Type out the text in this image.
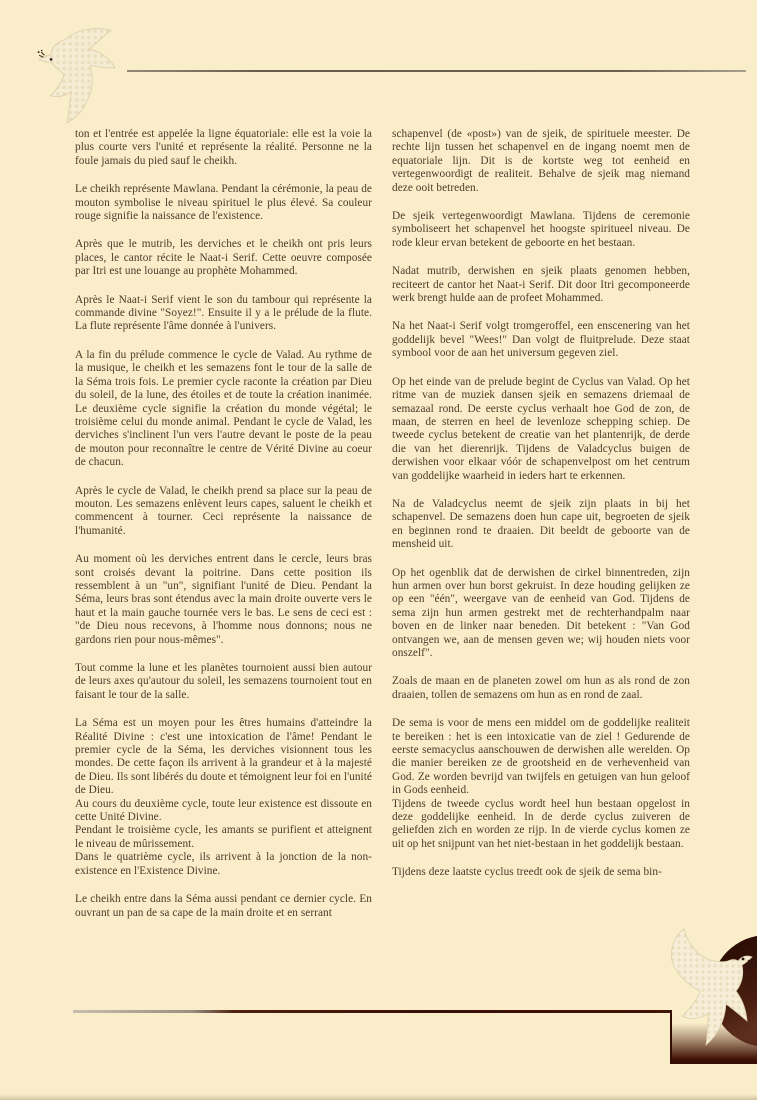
ton et l'entrée est appelée la ligne équatoriale: elle est la voie la plus courte vers l'unité et représente la réalité. Personne ne la foule jamais du pied sauf le cheikh.
Le cheikh représente Mawlana. Pendant la cérémonie, la peau de mouton symbolise le niveau spirituel le plus élevé. Sa couleur rouge signifie la naissance de l'existence.
Après que le mutrib, les derviches et le cheikh ont pris leurs places, le cantor récite le Naat-i Serif. Cette oeuvre composée par Itri est une louange au prophète Mohammed.
Après le Naat-i Serif vient le son du tambour qui représente la commande divine "Soyez!". Ensuite il y a le prélude de la flute. La flute représente l'âme donnée à l'univers.
A la fin du prélude commence le cycle de Valad. Au rythme de la musique, le cheikh et les semazens font le tour de la salle de la Séma trois fois. Le premier cycle raconte la création par Dieu du soleil, de la lune, des étoiles et de toute la création inanimée. Le deuxième cycle signifie la création du monde végétal; le troisième celui du monde animal. Pendant le cycle de Valad, les derviches s'inclinent l'un vers l'autre devant le poste de la peau de mouton pour reconnaître le centre de Vérité Divine au coeur de chacun.
Après le cycle de Valad, le cheikh prend sa place sur la peau de mouton. Les semazens enlèvent leurs capes, saluent le cheikh et commencent à tourner. Ceci représente la naissance de l'humanité.
Au moment où les derviches entrent dans le cercle, leurs bras sont croisés devant la poitrine. Dans cette position ils ressemblent à un "un", signifiant l'unité de Dieu. Pendant la Séma, leurs bras sont étendus avec la main droite ouverte vers le haut et la main gauche tournée vers le bas. Le sens de ceci est : "de Dieu nous recevons, à l'homme nous donnons; nous ne gardons rien pour nous-mêmes".
Tout comme la lune et les planètes tournoient aussi bien autour de leurs axes qu'autour du soleil, les semazens tournoient tout en faisant le tour de la salle.
La Séma est un moyen pour les êtres humains d'atteindre la Réalité Divine : c'est une intoxication de l'âme! Pendant le premier cycle de la Séma, les derviches visionnent tous les mondes. De cette façon ils arrivent à la grandeur et à la majesté de Dieu. Ils sont libérés du doute et témoignent leur foi en l'unité de Dieu.
Au cours du deuxième cycle, toute leur existence est dissoute en cette Unité Divine.
Pendant le troisième cycle, les amants se purifient et atteignent le niveau de mûrissement.
Dans le quatrième cycle, ils arrivent à la jonction de la non-existence en l'Existence Divine.
Le cheikh entre dans la Séma aussi pendant ce dernier cycle. En ouvrant un pan de sa cape de la main droite et en serrant
schapenvel (de «post») van de sjeik, de spirituele meester. De rechte lijn tussen het schapenvel en de ingang noemt men de equatoriale lijn. Dit is de kortste weg tot eenheid en vertegenwoordigt de realiteit. Behalve de sjeik mag niemand deze ooit betreden.
De sjeik vertegenwoordigt Mawlana. Tijdens de ceremonie symboliseert het schapenvel het hoogste spiritueel niveau. De rode kleur ervan betekent de geboorte en het bestaan.
Nadat mutrib, derwishen en sjeik plaats genomen hebben, reciteert de cantor het Naat-i Serif. Dit door Itri gecomponeerde werk brengt hulde aan de profeet Mohammed.
Na het Naat-i Serif volgt tromgeroffel, een enscenering van het goddelijk bevel "Wees!" Dan volgt de fluitprelude. Deze staat symbool voor de aan het universum gegeven ziel.
Op het einde van de prelude begint de Cyclus van Valad. Op het ritme van de muziek dansen sjeik en semazens driemaal de semazaal rond. De eerste cyclus verhaalt hoe God de zon, de maan, de sterren en heel de levenloze schepping schiep. De tweede cyclus betekent de creatie van het plantenrijk, de derde die van het dierenrijk. Tijdens de Valadcyclus buigen de derwishen voor elkaar vóór de schapenvelpost om het centrum van goddelijke waarheid in ieders hart te erkennen.
Na de Valadcyclus neemt de sjeik zijn plaats in bij het schapenvel. De semazens doen hun cape uit, begroeten de sjeik en beginnen rond te draaien. Dit beeldt de geboorte van de mensheid uit.
Op het ogenblik dat de derwishen de cirkel binnentreden, zijn hun armen over hun borst gekruist. In deze houding gelijken ze op een "één", weergave van de eenheid van God. Tijdens de sema zijn hun armen gestrekt met de rechterhandpalm naar boven en de linker naar beneden. Dit betekent : "Van God ontvangen we, aan de mensen geven we; wij houden niets voor onszelf".
Zoals de maan en de planeten zowel om hun as als rond de zon draaien, tollen de semazens om hun as en rond de zaal.
De sema is voor de mens een middel om de goddelijke realiteit te bereiken : het is een intoxicatie van de ziel ! Gedurende de eerste semacyclus aanschouwen de derwishen alle werelden. Op die manier bereiken ze de grootsheid en de verhevenheid van God. Ze worden bevrijd van twijfels en getuigen van hun geloof in Gods eenheid.
Tijdens de tweede cyclus wordt heel hun bestaan opgelost in deze goddelijke eenheid. In de derde cyclus zuiveren de geliefden zich en worden ze rijp. In de vierde cyclus komen ze uit op het snijpunt van het niet-bestaan in het goddelijk bestaan.
Tijdens deze laatste cyclus treedt ook de sjeik de sema bin-
